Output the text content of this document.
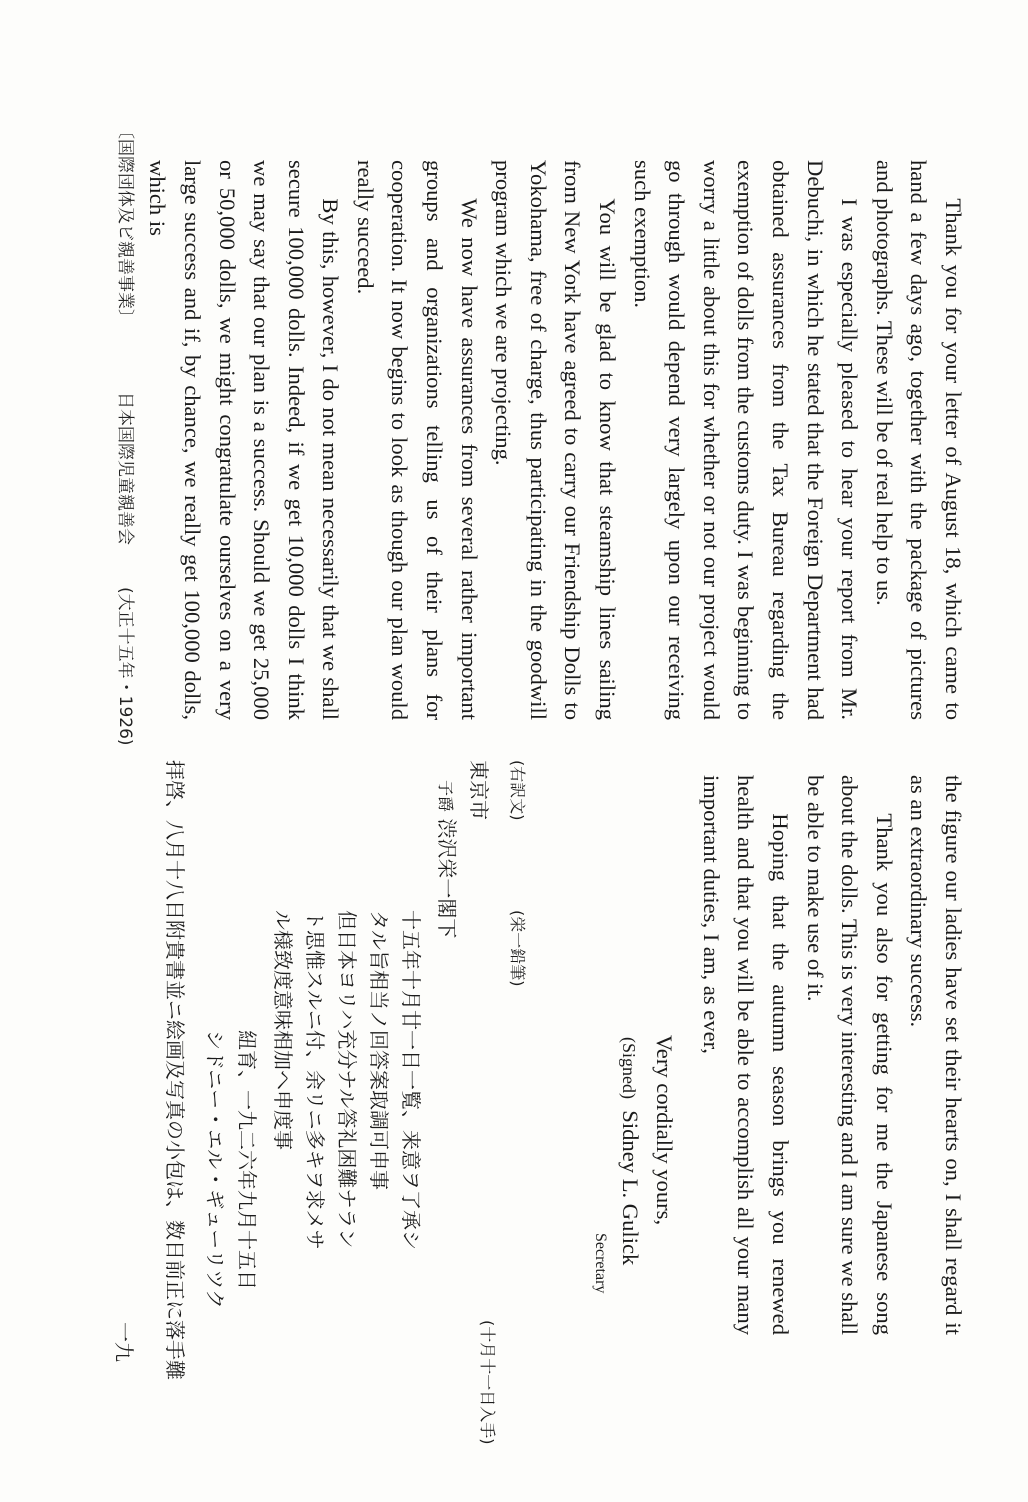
Thank you for your letter of August 18, which came to hand a few days ago, together with the package of pictures and photographs. These will be of real help to us.

I was especially pleased to hear your report from Mr. Debuchi, in which he stated that the Foreign Department had obtained assurances from the Tax Bureau regarding the exemption of dolls from the customs duty. I was beginning to worry a little about this for whether or not our project would go through would depend very largely upon our receiving such exemption.

You will be glad to know that steamship lines sailing from New York have agreed to carry our Friendship Dolls to Yokohama, free of charge, thus participating in the goodwill program which we are projecting.

We now have assurances from several rather important groups and organizations telling us of their plans for cooperation. It now begins to look as though our plan would really succeed.

By this, however, I do not mean necessarily that we shall secure 100,000 dolls. Indeed, if we get 10,000 dolls I think we may say that our plan is a success. Should we get 25,000 or 50,000 dolls, we might congratulate ourselves on a very large success and if, by chance, we really get 100,000 dolls, which is

the figure our ladies have set their hearts on, I shall regard it as an extraordinary success.

Thank you also for getting for me the Japanese song about the dolls. This is very interesting and I am sure we shall be able to make use of it.

Hoping that the autumn season brings you renewed health and that you will be able to accomplish all your many important duties, I am, as ever,

Very cordially yours,
(Signed)  Sidney L. Gulick
Secretary
(右訳文)
東京市
子爵 渋沢栄一閣下
(十月十一日入手)
(栄一鉛筆)
十五年十月廿一日一覧、来意ヲ了承シ
タル旨相当ノ回答案取調可申事
但日本ヨリハ充分ナル答礼困難ナラン
ト思惟スルニ付、余リニ多キヲ求メサ
ル様致度意味相加ヘ申度事
紐育、一九二六年九月十五日
シドニー・エル・ギューリツク
拝啓、八月十八日附貴書並ニ絵画及写真の小包は、数日前正に落手難
〔国際団体及ビ親善事業〕
日本国際児童親善会
(大正十五年・1926)
一九
